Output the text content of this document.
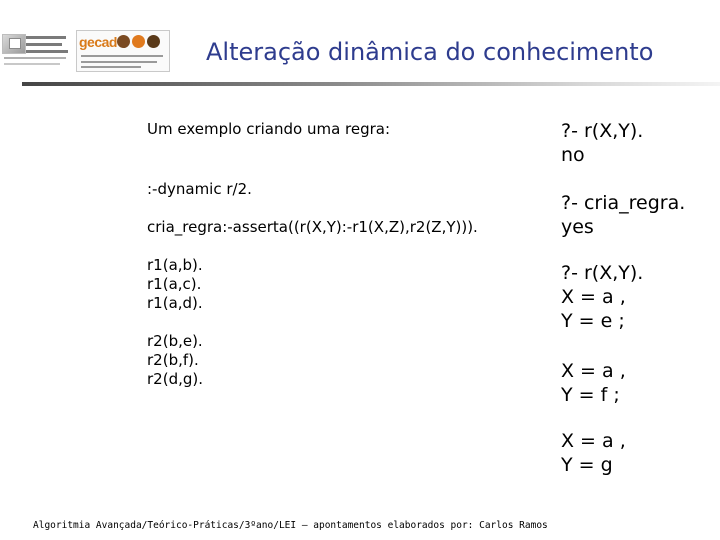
gecad	Alteração dinâmica do conhecimento
Um exemplo criando uma regra:
:-dynamic r/2.
cria_regra:-asserta((r(X,Y):-r1(X,Z),r2(Z,Y))).
r1(a,b).
r1(a,c).
r1(a,d).
r2(b,e).
r2(b,f).
r2(d,g).
?- r(X,Y).
no
?- cria_regra.
yes
?- r(X,Y).
X = a ,
Y = e ;
X = a ,
Y = f ;
X = a ,
Y = g

Algoritmia Avançada/Teórico-Práticas/3ºano/LEI – apontamentos elaborados por: Carlos Ramos
